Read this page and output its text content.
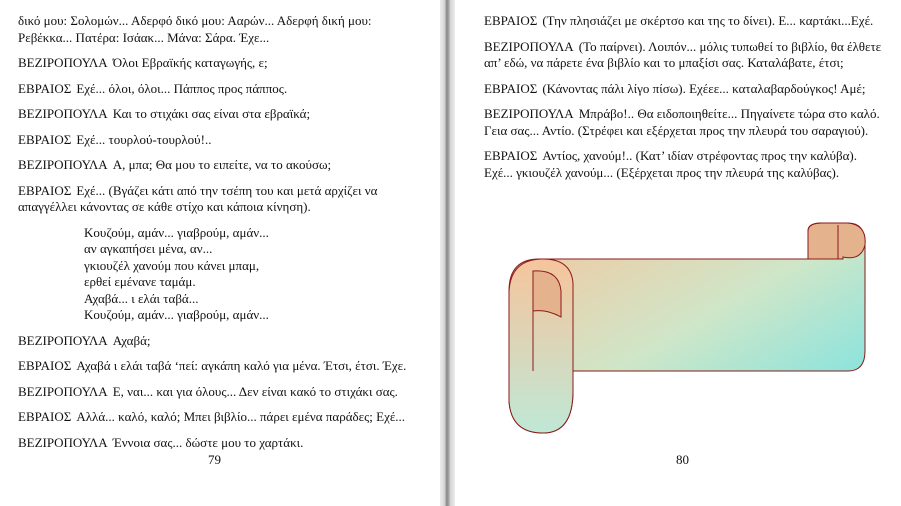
δικό μου: Σολομών... Αδερφό δικό μου: Ααρών... Αδερφή δική μου: Ρεβέκκα... Πατέρα: Ισάακ... Μάνα: Σάρα. Έχε...

ΒΕΖΙΡΟΠΟΥΛΑ Όλοι Εβραϊκής καταγωγής, ε;

ΕΒΡΑΙΟΣ Εχέ... όλοι, όλοι... Πάππος προς πάππος.

ΒΕΖΙΡΟΠΟΥΛΑ Και το στιχάκι σας είναι στα εβραϊκά;

ΕΒΡΑΙΟΣ Εχέ... τουρλού-τουρλού!..

ΒΕΖΙΡΟΠΟΥΛΑ Α, μπα; Θα μου το ειπείτε, να το ακούσω;

ΕΒΡΑΙΟΣ Εχέ... (Βγάζει κάτι από την τσέπη του και μετά αρχίζει να απαγγέλλει κάνοντας σε κάθε στίχο και κάποια κίνηση).

Κουζούμ, αμάν... γιαβρούμ, αμάν...
αν αγκαπήσει μένα, αν...
γκιουζέλ χανούμ που κάνει μπαμ,
ερθεί εμένανε ταμάμ.
Αχαβά... ι ελάι ταβά...
Κουζούμ, αμάν... γιαβρούμ, αμάν...

ΒΕΖΙΡΟΠΟΥΛΑ Αχαβά;

ΕΒΡΑΙΟΣ Αχαβά ι ελάι ταβά ‘πεί: αγκάπη καλό για μένα. Έτσι, έτσι. Έχε.

ΒΕΖΙΡΟΠΟΥΛΑ Ε, ναι... και για όλους... Δεν είναι κακό το στιχάκι σας.

ΕΒΡΑΙΟΣ Αλλά... καλό, καλό; Μπει βιβλίο... πάρει εμένα παράδες; Εχέ...

ΒΕΖΙΡΟΠΟΥΛΑ Έννοια σας... δώστε μου το χαρτάκι.

79

ΕΒΡΑΙΟΣ (Την πλησιάζει με σκέρτσο και της το δίνει). Ε... καρτάκι...Εχέ.

ΒΕΖΙΡΟΠΟΥΛΑ (Το παίρνει). Λοιπόν... μόλις τυπωθεί το βιβλίο, θα έλθετε απ’ εδώ, να πάρετε ένα βιβλίο και το μπαξίσι σας. Καταλάβατε, έτσι;

ΕΒΡΑΙΟΣ (Κάνοντας πάλι λίγο πίσω). Εχέεε... καταλαβαρδούγκος! Αμέ;

ΒΕΖΙΡΟΠΟΥΛΑ Μπράβο!.. Θα ειδοποιηθείτε... Πηγαίνετε τώρα στο καλό. Γεια σας... Αντίο. (Στρέφει και εξέρχεται προς την πλευρά του σαραγιού).

ΕΒΡΑΙΟΣ Αντίος, χανούμ!.. (Κατ’ ιδίαν στρέφοντας προς την καλύβα). Εχέ... γκιουζέλ χανούμ... (Εξέρχεται προς την πλευρά της καλύβας).

80
